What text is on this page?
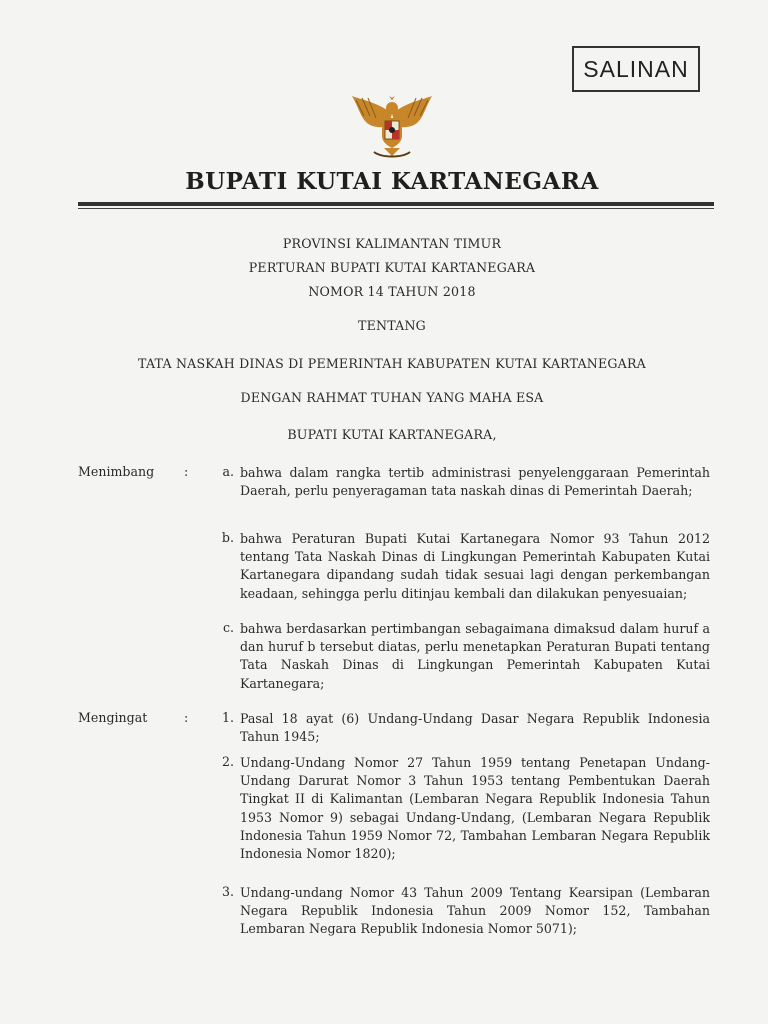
SALINAN
BUPATI KUTAI KARTANEGARA
PROVINSI KALIMANTAN TIMUR
PERTURAN BUPATI KUTAI KARTANEGARA
NOMOR 14 TAHUN 2018
TENTANG
TATA NASKAH DINAS DI PEMERINTAH KABUPATEN KUTAI KARTANEGARA
DENGAN RAHMAT TUHAN YANG MAHA ESA
BUPATI KUTAI KARTANEGARA,
Menimbang :	a. bahwa dalam rangka tertib administrasi penyelenggaraan Pemerintah Daerah, perlu penyeragaman tata naskah dinas di Pemerintah Daerah;

b. bahwa Peraturan Bupati Kutai Kartanegara Nomor 93 Tahun 2012 tentang Tata Naskah Dinas di Lingkungan Pemerintah Kabupaten Kutai Kartanegara dipandang sudah tidak sesuai lagi dengan perkembangan keadaan, sehingga perlu ditinjau kembali dan dilakukan penyesuaian;

c. bahwa berdasarkan pertimbangan sebagaimana dimaksud dalam huruf a dan huruf b tersebut diatas, perlu menetapkan Peraturan Bupati tentang Tata Naskah Dinas di Lingkungan Pemerintah Kabupaten Kutai Kartanegara;

Mengingat	:	1. Pasal 18 ayat (6) Undang-Undang Dasar Negara Republik Indonesia Tahun 1945;

2. Undang-Undang Nomor 27 Tahun 1959 tentang Penetapan Undang-Undang Darurat Nomor 3 Tahun 1953 tentang Pembentukan Daerah Tingkat II di Kalimantan (Lembaran Negara Republik Indonesia Tahun 1953 Nomor 9) sebagai Undang-Undang, (Lembaran Negara Republik Indonesia Tahun 1959 Nomor 72, Tambahan Lembaran Negara Republik Indonesia Nomor 1820);

3. Undang-undang Nomor 43 Tahun 2009 Tentang Kearsipan (Lembaran Negara Republik Indonesia Tahun 2009 Nomor 152, Tambahan Lembaran Negara Republik Indonesia Nomor 5071);
